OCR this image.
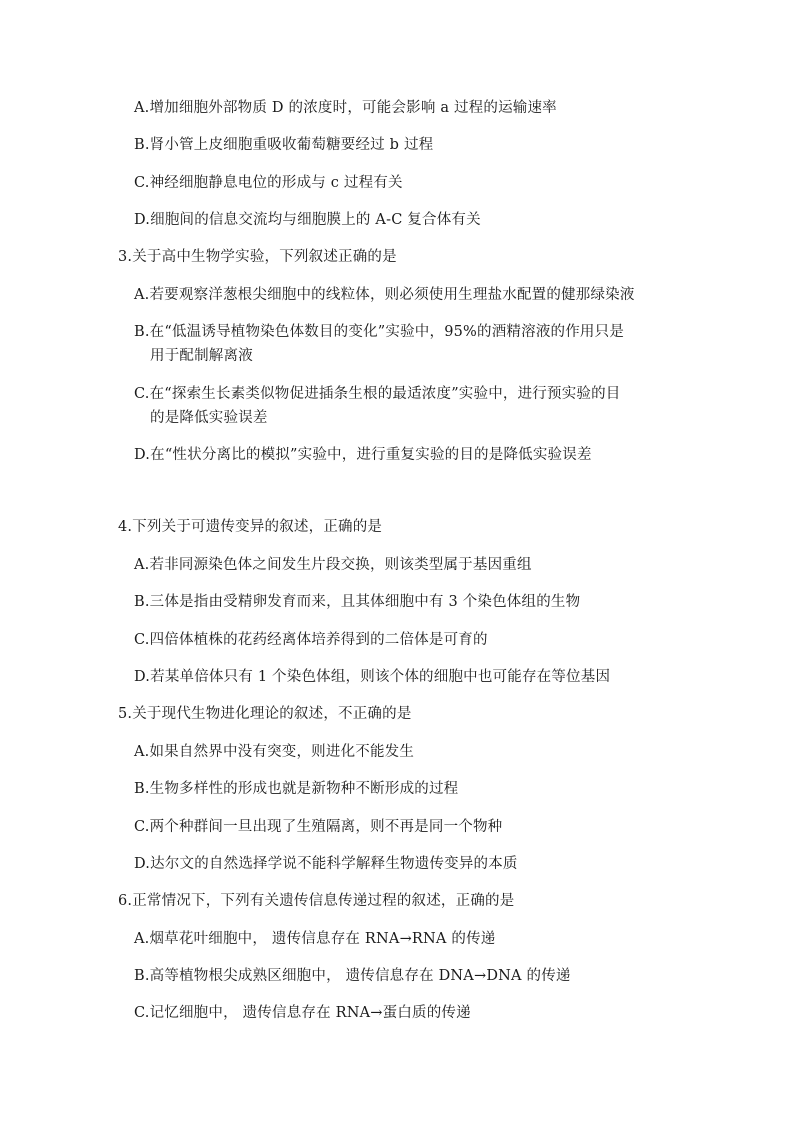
A.增加细胞外部物质 D 的浓度时，可能会影响 a 过程的运输速率
B.肾小管上皮细胞重吸收葡萄糖要经过 b 过程
C.神经细胞静息电位的形成与 c 过程有关
D.细胞间的信息交流均与细胞膜上的 A-C 复合体有关
3.关于高中生物学实验，下列叙述正确的是
A.若要观察洋葱根尖细胞中的线粒体，则必须使用生理盐水配置的健那绿染液
B.在“低温诱导植物染色体数目的变化”实验中，95%的酒精溶液的作用只是
用于配制解离液
C.在“探索生长素类似物促进插条生根的最适浓度”实验中，进行预实验的目
的是降低实验误差
D.在“性状分离比的模拟”实验中，进行重复实验的目的是降低实验误差
4.下列关于可遗传变异的叙述，正确的是
A.若非同源染色体之间发生片段交换，则该类型属于基因重组
B.三体是指由受精卵发育而来，且其体细胞中有 3 个染色体组的生物
C.四倍体植株的花药经离体培养得到的二倍体是可育的
D.若某单倍体只有 1 个染色体组，则该个体的细胞中也可能存在等位基因
5.关于现代生物进化理论的叙述，不正确的是
A.如果自然界中没有突变，则进化不能发生
B.生物多样性的形成也就是新物种不断形成的过程
C.两个种群间一旦出现了生殖隔离，则不再是同一个物种
D.达尔文的自然选择学说不能科学解释生物遗传变异的本质
6.正常情况下，下列有关遗传信息传递过程的叙述，正确的是
A.烟草花叶细胞中， 遗传信息存在 RNA→RNA 的传递
B.高等植物根尖成熟区细胞中， 遗传信息存在 DNA→DNA 的传递
C.记忆细胞中， 遗传信息存在 RNA→蛋白质的传递
